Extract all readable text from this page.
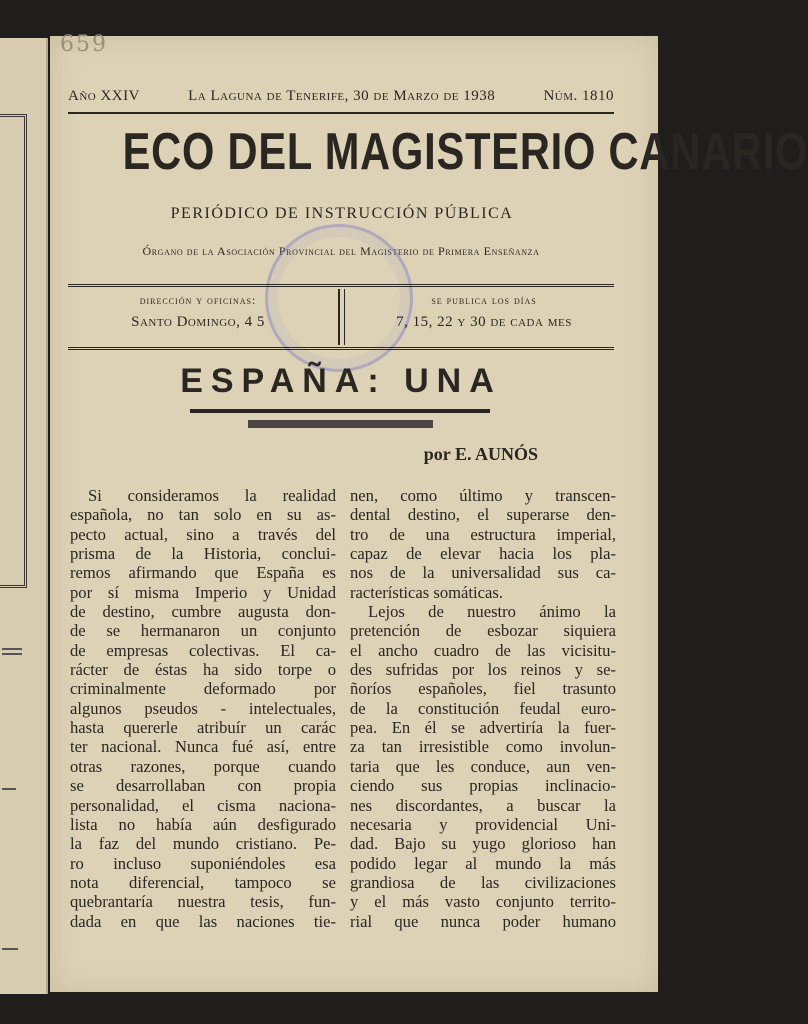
659
Año XXIV	La Laguna de Tenerife, 30 de Marzo de 1938	Núm. 1810
ECO DEL MAGISTERIO CANARIO
PERIÓDICO DE INSTRUCCIÓN PÚBLICA
Órgano de la Asociación Provincial del Magisterio de Primera Enseñanza
dirección y oficinas:
Santo Domingo, 4 5
se publica los días
7, 15, 22 y 30 de cada mes
ESPAÑA: UNA
por E. AUNÓS
Si consideramos la realidad
española, no tan solo en su as-
pecto actual, sino a través del
prisma de la Historia, conclui-
remos afirmando que España es
por sí misma Imperio y Unidad
de destino, cumbre augusta don-
de se hermanaron un conjunto
de empresas colectivas. El ca-
rácter de éstas ha sido torpe o
criminalmente deformado por
algunos pseudos - intelectuales,
hasta quererle atribuír un carác
ter nacional. Nunca fué así, entre
otras razones, porque cuando
se desarrollaban con propia
personalidad, el cisma naciona-
lista no había aún desfigurado
la faz del mundo cristiano. Pe-
ro incluso suponiéndoles esa
nota diferencial, tampoco se
quebrantaría nuestra tesis, fun-
dada en que las naciones tie-
nen, como último y transcen-
dental destino, el superarse den-
tro de una estructura imperial,
capaz de elevar hacia los pla-
nos de la universalidad sus ca-
racterísticas somáticas.
Lejos de nuestro ánimo la
pretención de esbozar siquiera
el ancho cuadro de las vicisitu-
des sufridas por los reinos y se-
ñoríos españoles, fiel trasunto
de la constitución feudal euro-
pea. En él se advertiría la fuer-
za tan irresistible como involun-
taria que les conduce, aun ven-
ciendo sus propias inclinacio-
nes discordantes, a buscar la
necesaria y providencial Uni-
dad. Bajo su yugo glorioso han
podido legar al mundo la más
grandiosa de las civilizaciones
y el más vasto conjunto territo-
rial que nunca poder humano
